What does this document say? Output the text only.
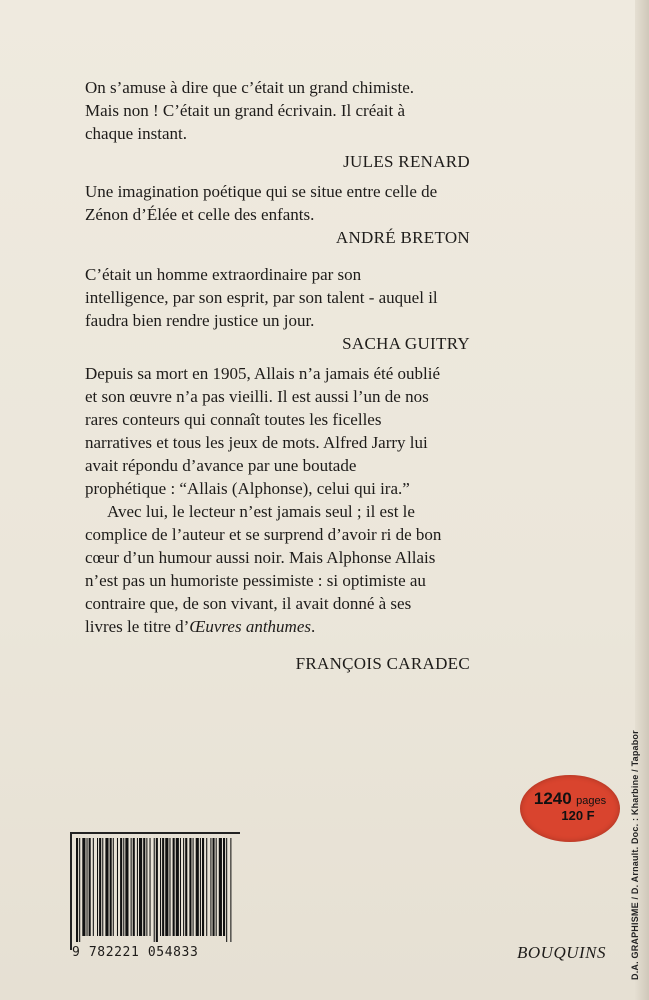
On s’amuse à dire que c’était un grand chimiste.

Mais non ! C’était un grand écrivain. Il créait à

chaque instant.

JULES RENARD

Une imagination poétique qui se situe entre celle de

Zénon d’Élée et celle des enfants.

ANDRÉ BRETON

C’était un homme extraordinaire par son

intelligence, par son esprit, par son talent - auquel il

faudra bien rendre justice un jour.

SACHA GUITRY

Depuis sa mort en 1905, Allais n’a jamais été oublié

et son œuvre n’a pas vieilli. Il est aussi l’un de nos

rares conteurs qui connaît toutes les ficelles

narratives et tous les jeux de mots. Alfred Jarry lui

avait répondu d’avance par une boutade

prophétique : “Allais (Alphonse), celui qui ira.”

Avec lui, le lecteur n’est jamais seul ; il est le

complice de l’auteur et se surprend d’avoir ri de bon

cœur d’un humour aussi noir. Mais Alphonse Allais

n’est pas un humoriste pessimiste : si optimiste au

contraire que, de son vivant, il avait donné à ses

livres le titre d’Œuvres anthumes.

FRANÇOIS CARADEC
9 782221 054833
1240 pages
120 F
BOUQUINS	D.A. GRAPHISME / D. Arnault. Doc. : Kharbine / Tapabor
